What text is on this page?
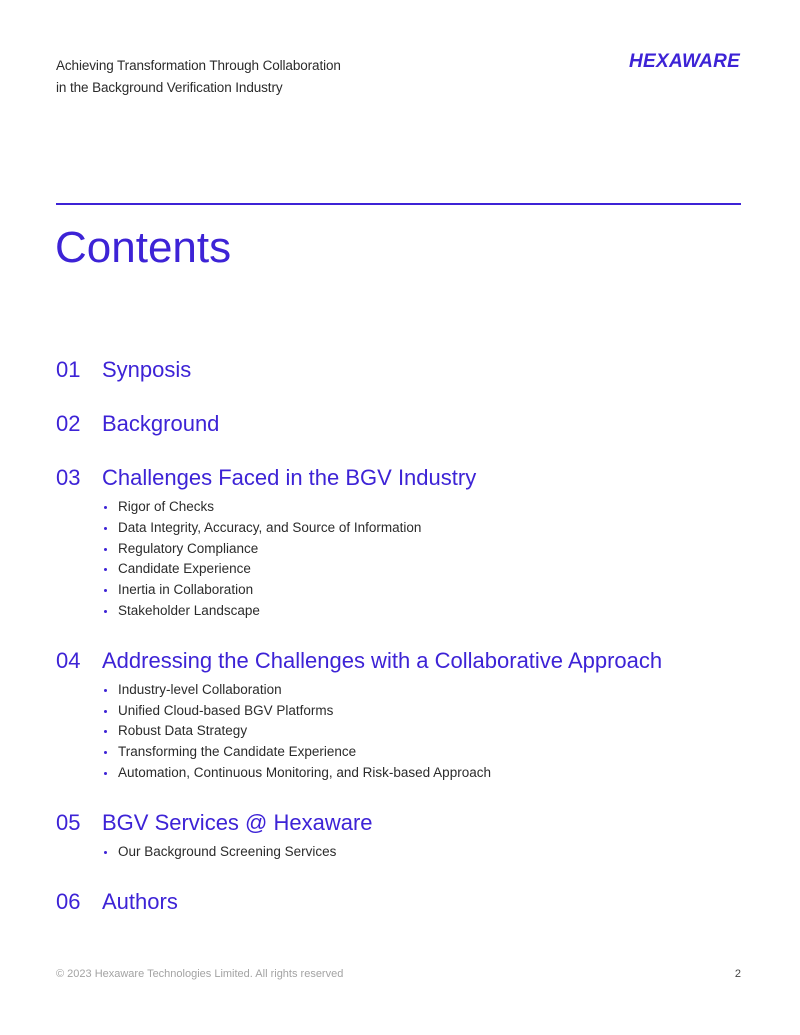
Achieving Transformation Through Collaboration
in the Background Verification Industry
HEXAWARE
Contents
01 Synposis
02 Background
03 Challenges Faced in the BGV Industry
Rigor of Checks
Data Integrity, Accuracy, and Source of Information
Regulatory Compliance
Candidate Experience
Inertia in Collaboration
Stakeholder Landscape
04 Addressing the Challenges with a Collaborative Approach
Industry-level Collaboration
Unified Cloud-based BGV Platforms
Robust Data Strategy
Transforming the Candidate Experience
Automation, Continuous Monitoring, and Risk-based Approach
05 BGV Services @ Hexaware
Our Background Screening Services
06 Authors
© 2023 Hexaware Technologies Limited. All rights reserved	2
